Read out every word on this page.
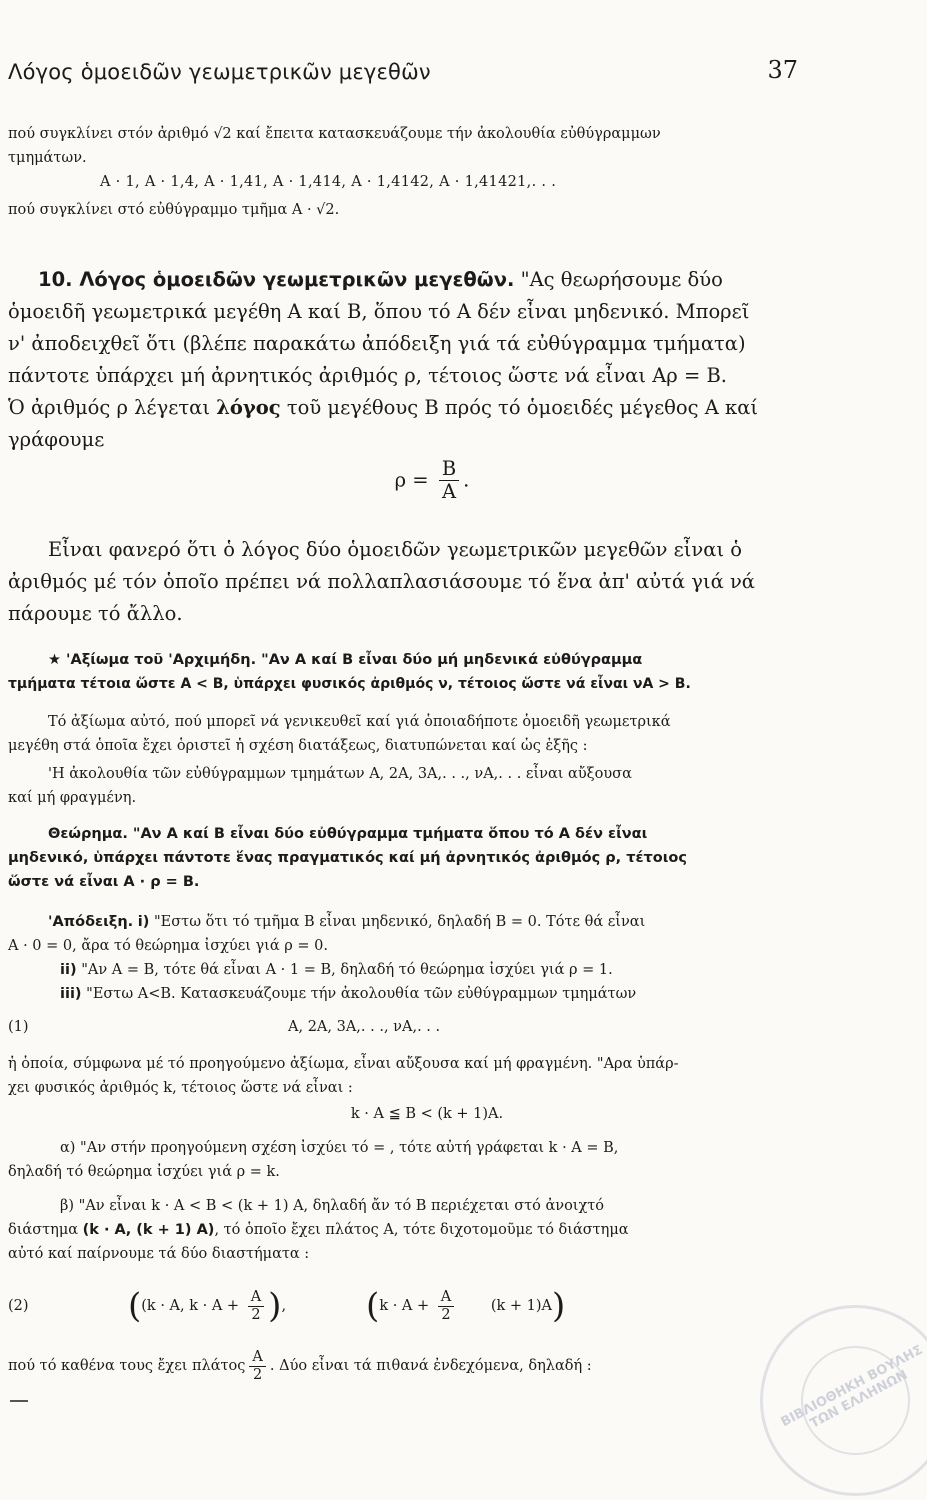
Λόγος ὁμοειδῶν γεωμετρικῶν μεγεθῶν	37

πού συγκλίνει στόν ἀριθμό √2 καί ἔπειτα κατασκευάζουμε τήν ἀκολουθία εὐθύγραμμων

τμημάτων.

Α · 1, Α · 1,4, Α · 1,41, Α · 1,414, Α · 1,4142, Α · 1,41421,. . .

πού συγκλίνει στό εὐθύγραμμο τμῆμα Α · √2.

10. Λόγος ὁμοειδῶν γεωμετρικῶν μεγεθῶν. "Ας θεωρήσουμε δύο

ὁμοειδῆ γεωμετρικά μεγέθη Α καί Β, ὅπου τό Α δέν εἶναι μηδενικό. Μπορεῖ

ν' ἀποδειχθεῖ ὅτι (βλέπε παρακάτω ἀπόδειξη γιά τά εὐθύγραμμα τμήματα)

πάντοτε ὑπάρχει μή ἀρνητικός ἀριθμός ρ, τέτοιος ὥστε νά εἶναι Αρ = Β.

Ὁ ἀριθμός ρ λέγεται λόγος τοῦ μεγέθους Β πρός τό ὁμοειδές μέγεθος Α καί

γράφουμε

$\rho = \frac{B}{A}$ .

Εἶναι φανερό ὅτι ὁ λόγος δύο ὁμοειδῶν γεωμετρικῶν μεγεθῶν εἶναι ὁ

ἀριθμός μέ τόν ὁποῖο πρέπει νά πολλαπλασιάσουμε τό ἕνα ἀπ' αὐτά γιά νά

πάρουμε τό ἄλλο.

★ 'Αξίωμα τοῦ 'Αρχιμήδη. "Αν Α καί Β εἶναι δύο μή μηδενικά εὐθύγραμμα

τμήματα τέτοια ὥστε Α < Β, ὑπάρχει φυσικός ἀριθμός ν, τέτοιος ὥστε νά εἶναι νΑ > Β.

Τό ἀξίωμα αὐτό, πού μπορεῖ νά γενικευθεῖ καί γιά ὁποιαδήποτε ὁμοειδῆ γεωμετρικά

μεγέθη στά ὁποῖα ἔχει ὁριστεῖ ἡ σχέση διατάξεως, διατυπώνεται καί ὡς ἑξῆς :

'Η ἀκολουθία τῶν εὐθύγραμμων τμημάτων Α, 2Α, 3Α,. . ., νΑ,. . . εἶναι αὔξουσα

καί μή φραγμένη.

Θεώρημα. "Αν Α καί Β εἶναι δύο εὐθύγραμμα τμήματα ὅπου τό Α δέν εἶναι

μηδενικό, ὑπάρχει πάντοτε ἕνας πραγματικός καί μή ἀρνητικός ἀριθμός ρ, τέτοιος

ὥστε νά εἶναι Α · ρ = Β.

'Απόδειξη. i) "Εστω ὅτι τό τμῆμα Β εἶναι μηδενικό, δηλαδή Β = 0. Τότε θά εἶναι

Α · 0 = 0, ἄρα τό θεώρημα ἰσχύει γιά ρ = 0.

ii) "Αν Α = Β, τότε θά εἶναι Α · 1 = Β, δηλαδή τό θεώρημα ἰσχύει γιά ρ = 1.

iii) "Εστω Α<Β. Κατασκευάζουμε τήν ἀκολουθία τῶν εὐθύγραμμων τμημάτων

(1)	Α, 2Α, 3Α,. . ., νΑ,. . .

ἡ ὁποία, σύμφωνα μέ τό προηγούμενο ἀξίωμα, εἶναι αὔξουσα καί μή φραγμένη. "Αρα ὑπάρ-

χει φυσικός ἀριθμός k, τέτοιος ὥστε νά εἶναι :

k · Α ≦ Β < (k + 1)Α.

α) "Αν στήν προηγούμενη σχέση ἰσχύει τό = , τότε αὐτή γράφεται k · Α = Β,

δηλαδή τό θεώρημα ἰσχύει γιά ρ = k.

β) "Αν εἶναι k · Α < Β < (k + 1) Α, δηλαδή ἄν τό Β περιέχεται στό ἀνοιχτό

διάστημα (k · Α, (k + 1) Α), τό ὁποῖο ἔχει πλάτος Α, τότε διχοτομοῦμε τό διάστημα

αὐτό καί παίρνουμε τά δύο διαστήματα :

(2)	((k · Α, $k \cdot A + \frac{A}{2}$ ),	($k \cdot A + \frac{A}{2}$	(k + 1)Α)
πού τό καθένα τους ἔχει πλάτος $\frac{A}{2}$ . Δύο εἶναι τά πιθανά ἐνδεχόμενα, δηλαδή :	ΒΙΒΛΙΟΘΗΚΗ ΒΟΥΛΗΣ ΤΩΝ ΕΛΛΗΝΩΝ
